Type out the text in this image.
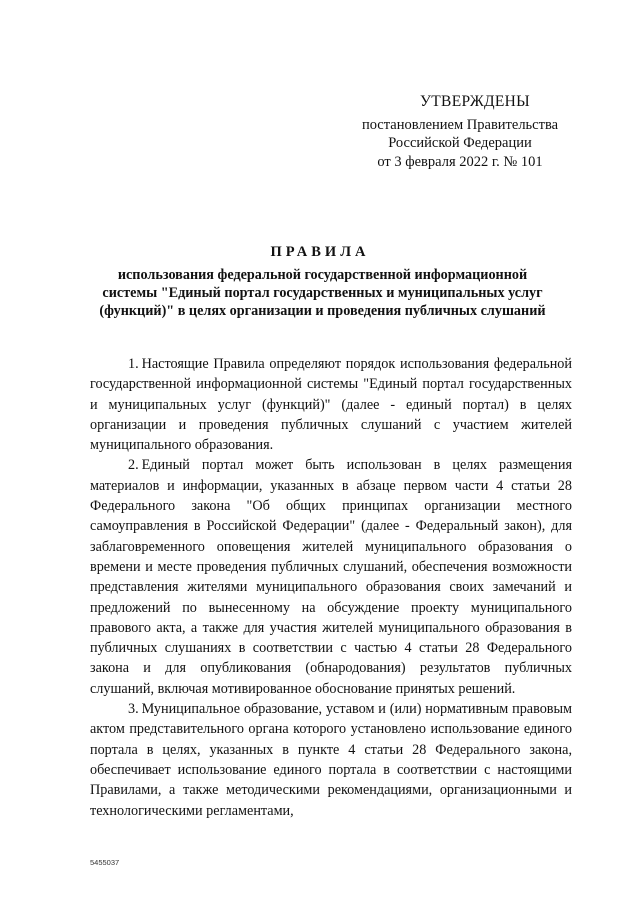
УТВЕРЖДЕНЫ
постановлением Правительства
Российской Федерации
от 3 февраля 2022 г. № 101
ПРАВИЛА
использования федеральной государственной информационной системы "Единый портал государственных и муниципальных услуг (функций)" в целях организации и проведения публичных слушаний

1. Настоящие Правила определяют порядок использования федеральной государственной информационной системы "Единый портал государственных и муниципальных услуг (функций)" (далее - единый портал) в целях организации и проведения публичных слушаний с участием жителей муниципального образования.

2. Единый портал может быть использован в целях размещения материалов и информации, указанных в абзаце первом части 4 статьи 28 Федерального закона "Об общих принципах организации местного самоуправления в Российской Федерации" (далее - Федеральный закон), для заблаговременного оповещения жителей муниципального образования о времени и месте проведения публичных слушаний, обеспечения возможности представления жителями муниципального образования своих замечаний и предложений по вынесенному на обсуждение проекту муниципального правового акта, а также для участия жителей муниципального образования в публичных слушаниях в соответствии с частью 4 статьи 28 Федерального закона и для опубликования (обнародования) результатов публичных слушаний, включая мотивированное обоснование принятых решений.

3. Муниципальное образование, уставом и (или) нормативным правовым актом представительного органа которого установлено использование единого портала в целях, указанных в пункте 4 статьи 28 Федерального закона, обеспечивает использование единого портала в соответствии с настоящими Правилами, а также методическими рекомендациями, организационными и технологическими регламентами,

5455037
